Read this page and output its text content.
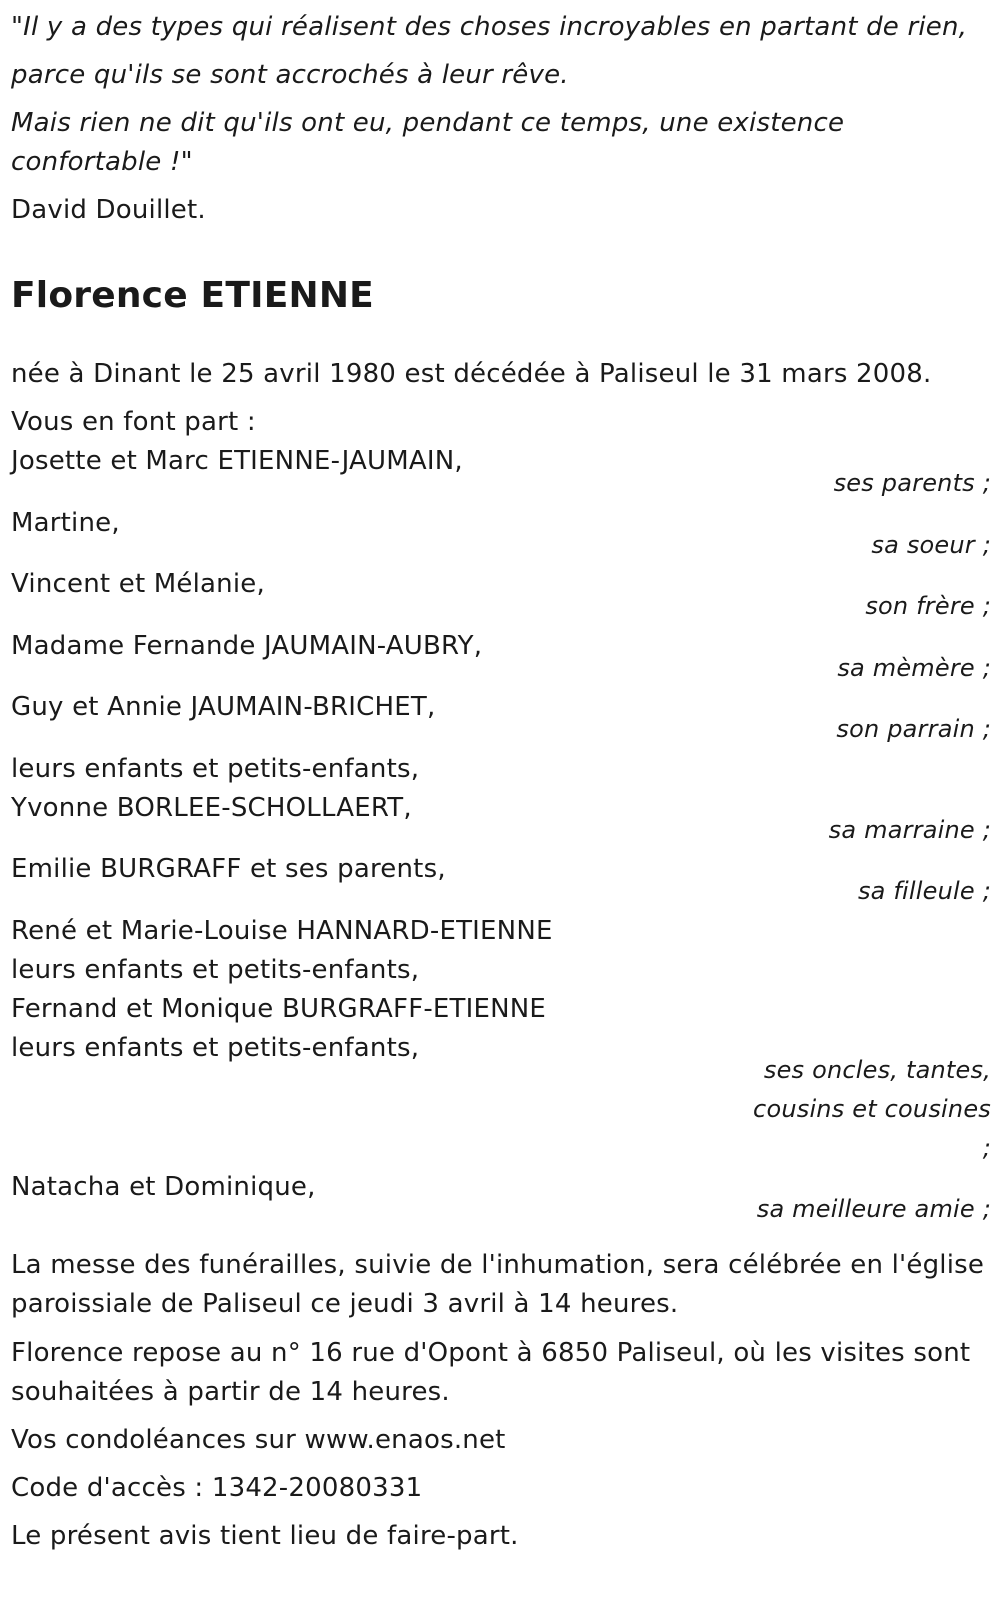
"Il y a des types qui réalisent des choses incroyables en partant de rien,
parce qu'ils se sont accrochés à leur rêve.
Mais rien ne dit qu'ils ont eu, pendant ce temps, une existence
confortable !"
David Douillet.
Florence ETIENNE
née à Dinant le 25 avril 1980 est décédée à Paliseul le 31 mars 2008.
Vous en font part :
Josette et Marc ETIENNE-JAUMAIN,
ses parents ;
Martine,
sa soeur ;
Vincent et Mélanie,
son frère ;
Madame Fernande JAUMAIN-AUBRY,
sa mèmère ;
Guy et Annie JAUMAIN-BRICHET,
son parrain ;
leurs enfants et petits-enfants,
Yvonne BORLEE-SCHOLLAERT,
sa marraine ;
Emilie BURGRAFF et ses parents,
sa filleule ;
René et Marie-Louise HANNARD-ETIENNE
leurs enfants et petits-enfants,
Fernand et Monique BURGRAFF-ETIENNE
leurs enfants et petits-enfants,
ses oncles, tantes,
cousins et cousines
;
Natacha et Dominique,
sa meilleure amie ;
La messe des funérailles, suivie de l'inhumation, sera célébrée en l'église
paroissiale de Paliseul ce jeudi 3 avril à 14 heures.
Florence repose au n° 16 rue d'Opont à 6850 Paliseul, où les visites sont
souhaitées à partir de 14 heures.
Vos condoléances sur www.enaos.net
Code d'accès : 1342-20080331
Le présent avis tient lieu de faire-part.
